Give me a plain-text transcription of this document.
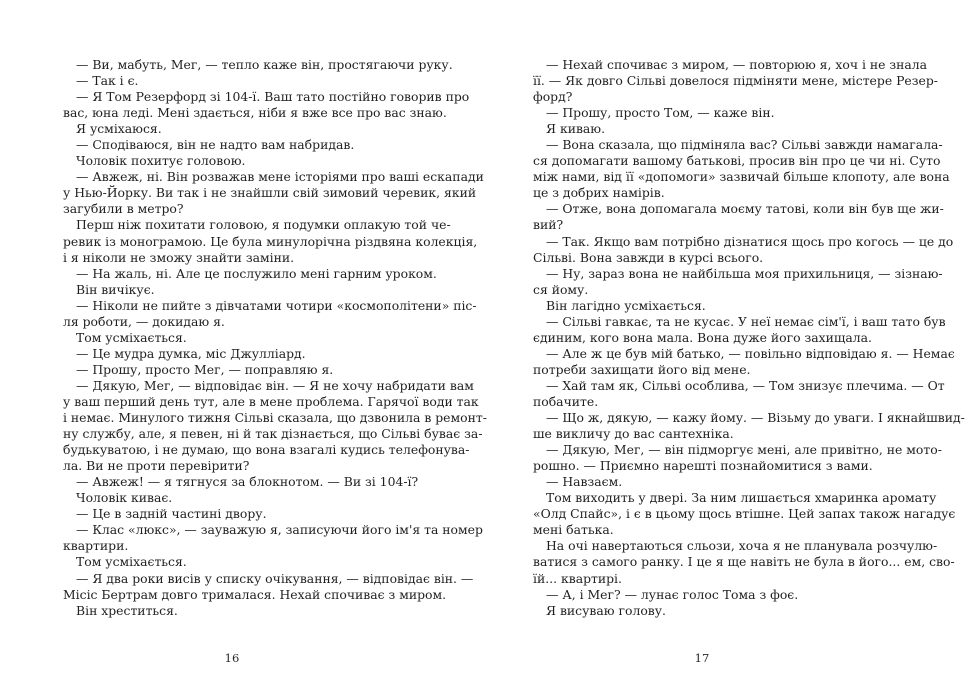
— Ви, мабуть, Мег, — тепло каже він, простягаючи руку.
— Так і є.
— Я Том Резерфорд зі 104-ї. Ваш тато постійно говорив про
вас, юна леді. Мені здається, ніби я вже все про вас знаю.
Я усміхаюся.
— Сподіваюся, він не надто вам набридав.
Чоловік похитує головою.
— Авжеж, ні. Він розважав мене історіями про ваші ескапади
у Нью-Йорку. Ви так і не знайшли свій зимовий черевик, який
загубили в метро?
Перш ніж похитати головою, я подумки оплакую той че-
ревик із монограмою. Це була минулорічна різдвяна колекція,
і я ніколи не зможу знайти заміни.
— На жаль, ні. Але це послужило мені гарним уроком.
Він вичікує.
— Ніколи не пийте з дівчатами чотири «космополітени» піс-
ля роботи, — докидаю я.
Том усміхається.
— Це мудра думка, міс Джулліард.
— Прошу, просто Мег, — поправляю я.
— Дякую, Мег, — відповідає він. — Я не хочу набридати вам
у ваш перший день тут, але в мене проблема. Гарячої води так
і немає. Минулого тижня Сільві сказала, що дзвонила в ремонт-
ну службу, але, я певен, ні й так дізнається, що Сільві буває за-
будькуватою, і не думаю, що вона взагалі кудись телефонува-
ла. Ви не проти перевірити?
— Авжеж! — я тягнуся за блокнотом. — Ви зі 104-ї?
Чоловік киває.
— Це в задній частині двору.
— Клас «люкс», — зауважую я, записуючи його ім'я та номер
квартири.
Том усміхається.
— Я два роки висів у списку очікування, — відповідає він. —
Місіс Бертрам довго трималася. Нехай спочиває з миром.
Він хреститься.
— Нехай спочиває з миром, — повторюю я, хоч і не знала
її. — Як довго Сільві довелося підміняти мене, містере Резер-
форд?
— Прошу, просто Том, — каже він.
Я киваю.
— Вона сказала, що підміняла вас? Сільві завжди намагала-
ся допомагати вашому батькові, просив він про це чи ні. Суто
між нами, від її «допомоги» зазвичай більше клопоту, але вона
це з добрих намірів.
— Отже, вона допомагала моєму татові, коли він був ще жи-
вий?
— Так. Якщо вам потрібно дізнатися щось про когось — це до
Сільві. Вона завжди в курсі всього.
— Ну, зараз вона не найбільша моя прихильниця, — зізнаю-
ся йому.
Він лагідно усміхається.
— Сільві гавкає, та не кусає. У неї немає сім'ї, і ваш тато був
єдиним, кого вона мала. Вона дуже його захищала.
— Але ж це був мій батько, — повільно відповідаю я. — Немає
потреби захищати його від мене.
— Хай там як, Сільві особлива, — Том знизує плечима. — От
побачите.
— Що ж, дякую, — кажу йому. — Візьму до уваги. І якнайшвид-
ше викличу до вас сантехніка.
— Дякую, Мег, — він підморгує мені, але привітно, не мото-
рошно. — Приємно нарешті познайомитися з вами.
— Навзаєм.
Том виходить у двері. За ним лишається хмаринка аромату
«Олд Спайс», і є в цьому щось втішне. Цей запах також нагадує
мені батька.
На очі навертаються сльози, хоча я не планувала розчулю-
ватися з самого ранку. І це я ще навіть не була в його... ем, сво-
їй... квартирі.
— А, і Мег? — лунає голос Тома з фоє.
Я висуваю голову.
16	17
